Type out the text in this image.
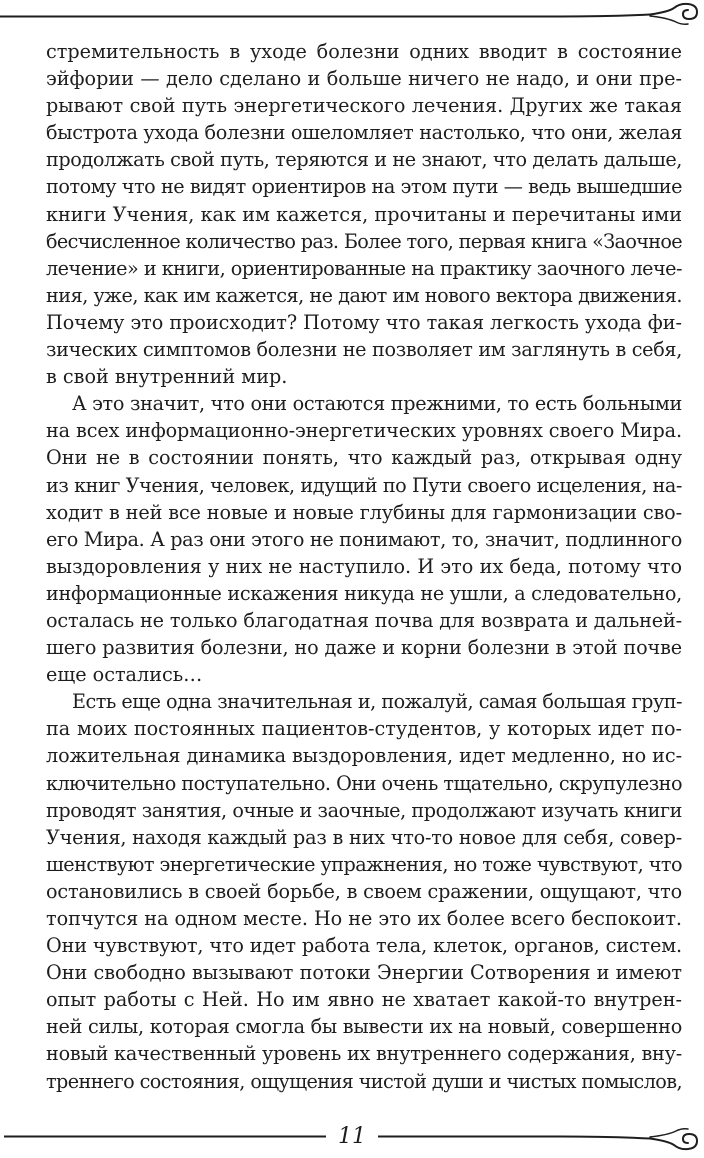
стремительность в уходе болезни одних вводит в состояние
эйфории — дело сделано и больше ничего не надо, и они пре-
рывают свой путь энергетического лечения. Других же такая
быстрота ухода болезни ошеломляет настолько, что они, желая
продолжать свой путь, теряются и не знают, что делать дальше,
потому что не видят ориентиров на этом пути — ведь вышедшие
книги Учения, как им кажется, прочитаны и перечитаны ими
бесчисленное количество раз. Более того, первая книга «Заочное
лечение» и книги, ориентированные на практику заочного лече-
ния, уже, как им кажется, не дают им нового вектора движения.
Почему это происходит? Потому что такая легкость ухода фи-
зических симптомов болезни не позволяет им заглянуть в себя,
в свой внутренний мир.
А это значит, что они остаются прежними, то есть больными
на всех информационно-энергетических уровнях своего Мира.
Они не в состоянии понять, что каждый раз, открывая одну
из книг Учения, человек, идущий по Пути своего исцеления, на-
ходит в ней все новые и новые глубины для гармонизации сво-
его Мира. А раз они этого не понимают, то, значит, подлинного
выздоровления у них не наступило. И это их беда, потому что
информационные искажения никуда не ушли, а следовательно,
осталась не только благодатная почва для возврата и дальней-
шего развития болезни, но даже и корни болезни в этой почве
еще остались…
Есть еще одна значительная и, пожалуй, самая большая груп-
па моих постоянных пациентов-студентов, у которых идет по-
ложительная динамика выздоровления, идет медленно, но ис-
ключительно поступательно. Они очень тщательно, скрупулезно
проводят занятия, очные и заочные, продолжают изучать книги
Учения, находя каждый раз в них что-то новое для себя, совер-
шенствуют энергетические упражнения, но тоже чувствуют, что
остановились в своей борьбе, в своем сражении, ощущают, что
топчутся на одном месте. Но не это их более всего беспокоит.
Они чувствуют, что идет работа тела, клеток, органов, систем.
Они свободно вызывают потоки Энергии Сотворения и имеют
опыт работы с Ней. Но им явно не хватает какой-то внутрен-
ней силы, которая смогла бы вывести их на новый, совершенно
новый качественный уровень их внутреннего содержания, вну-
треннего состояния, ощущения чистой души и чистых помыслов,
11
